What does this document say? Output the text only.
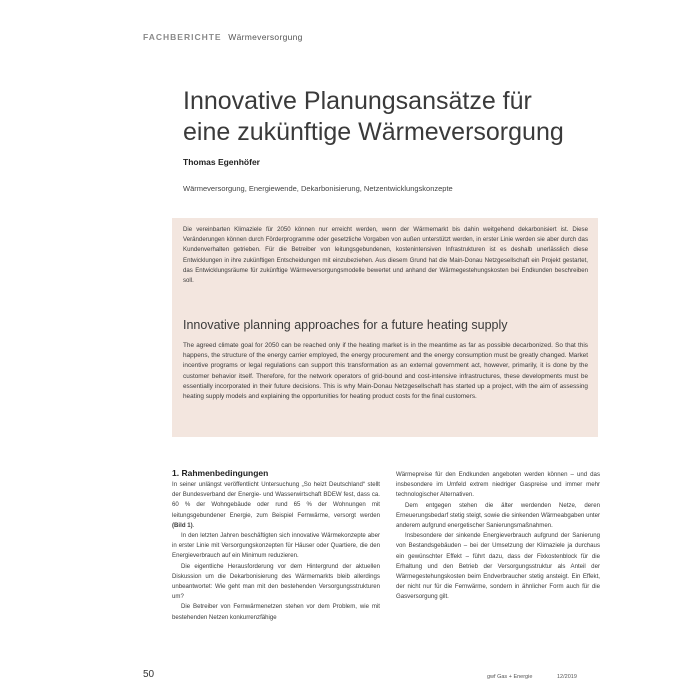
FACHBERICHTE Wärmeversorgung
Innovative Planungsansätze für
eine zukünftige Wärmeversorgung
Thomas Egenhöfer
Wärmeversorgung, Energiewende, Dekarbonisierung, Netzentwicklungskonzepte
Die vereinbarten Klimaziele für 2050 können nur erreicht werden, wenn der Wärmemarkt bis dahin weitgehend dekarbonisiert ist. Diese Veränderungen können durch Förderprogramme oder gesetzliche Vorgaben von außen unterstützt werden, in erster Linie werden sie aber durch das Kundenverhalten getrieben. Für die Betreiber von leitungsgebundenen, kostenintensiven Infrastrukturen ist es deshalb unerlässlich diese Entwicklungen in ihre zukünftigen Entscheidungen mit einzubeziehen. Aus diesem Grund hat die Main-Donau Netzgesellschaft ein Projekt gestartet, das Entwicklungsräume für zukünftige Wärmeversorgungsmodelle bewertet und anhand der Wärmegestehungskosten bei Endkunden beschreiben soll.
Innovative planning approaches for a future heating supply
The agreed climate goal for 2050 can be reached only if the heating market is in the meantime as far as possible decarbonized. So that this happens, the structure of the energy carrier employed, the energy procurement and the energy consumption must be greatly changed. Market incentive programs or legal regulations can support this transformation as an external government act, however, primarily, it is done by the customer behavior itself. Therefore, for the network operators of grid-bound and cost-intensive infrastructures, these developments must be essentially incorporated in their future decisions. This is why Main-Donau Netzgesellschaft has started up a project, with the aim of assessing heating supply models and explaining the opportunities for heating product costs for the final customers.
1. Rahmenbedingungen

In seiner unlängst veröffentlicht Untersuchung „So heizt Deutschland“ stellt der Bundesverband der Energie- und Wasserwirtschaft BDEW fest, dass ca. 60 % der Wohngebäude oder rund 65 % der Wohnungen mit leitungsgebundener Energie, zum Beispiel Fernwärme, versorgt werden (Bild 1).

In den letzten Jahren beschäftigten sich innovative Wärmekonzepte aber in erster Linie mit Versorgungskonzepten für Häuser oder Quartiere, die den Energieverbrauch auf ein Minimum reduzieren.

Die eigentliche Herausforderung vor dem Hintergrund der aktuellen Diskussion um die Dekarbonisierung des Wärmemarkts bleib allerdings unbeantwortet: Wie geht man mit den bestehenden Versorgungsstrukturen um?

Die Betreiber von Fernwärmenetzen stehen vor dem Problem, wie mit bestehenden Netzen konkurrenzfähige

Wärmepreise für den Endkunden angeboten werden können – und das insbesondere im Umfeld extrem niedriger Gaspreise und immer mehr technologischer Alternativen.

Dem entgegen stehen die älter werdenden Netze, deren Erneuerungsbedarf stetig steigt, sowie die sinkenden Wärmeabgaben unter anderem aufgrund energetischer Sanierungsmaßnahmen.

Insbesondere der sinkende Energieverbrauch aufgrund der Sanierung von Bestandsgebäuden – bei der Umsetzung der Klimaziele ja durchaus ein gewünschter Effekt – führt dazu, dass der Fixkostenblock für die Erhaltung und den Betrieb der Versorgungsstruktur als Anteil der Wärmegestehungskosten beim Endverbraucher stetig ansteigt. Ein Effekt, der nicht nur für die Fernwärme, sondern in ähnlicher Form auch für die Gasversorgung gilt.

50	gwf Gas + Energie	12/2019
